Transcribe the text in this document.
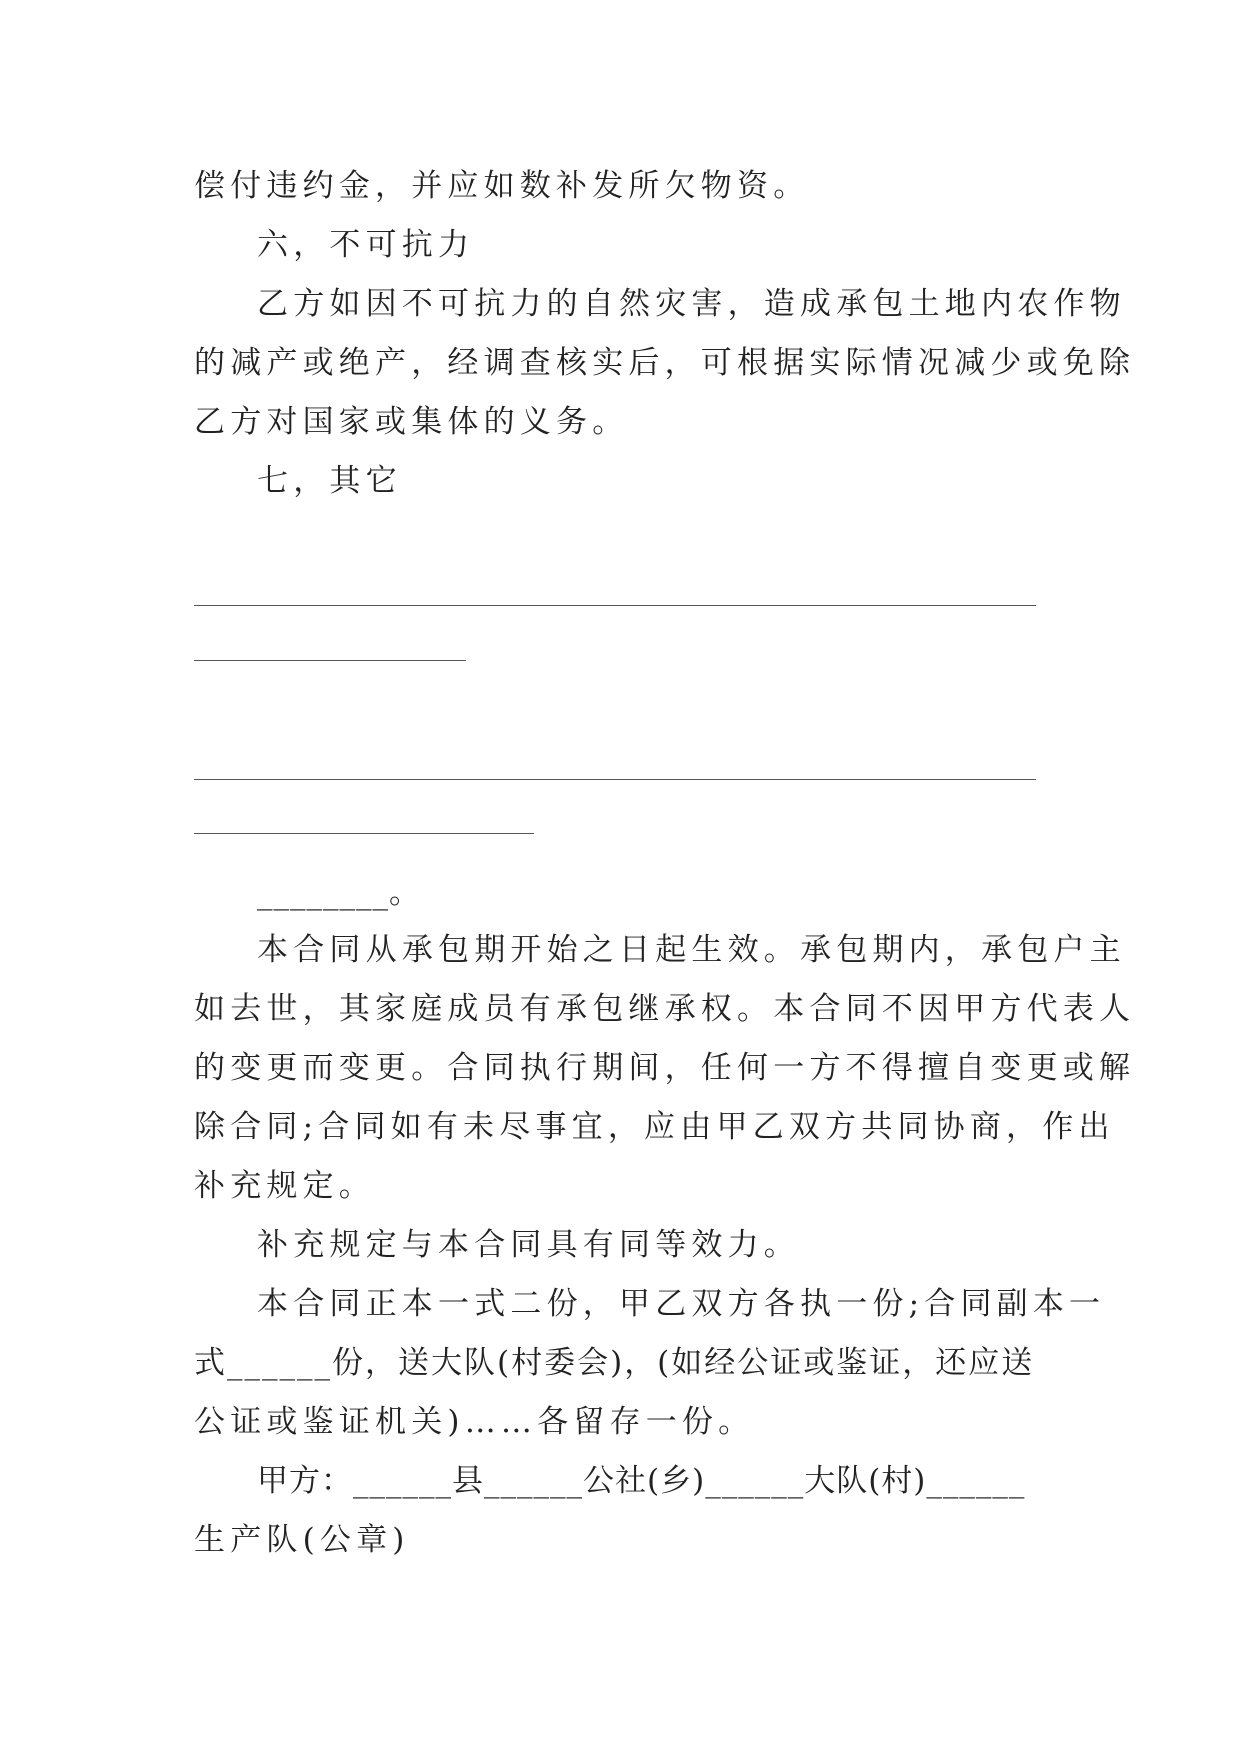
偿付违约金，并应如数补发所欠物资。
六，不可抗力
乙方如因不可抗力的自然灾害，造成承包土地内农作物
的减产或绝产，经调查核实后，可根据实际情况减少或免除
乙方对国家或集体的义务。
七，其它
________。
本合同从承包期开始之日起生效。承包期内，承包户主
如去世，其家庭成员有承包继承权。本合同不因甲方代表人
的变更而变更。合同执行期间，任何一方不得擅自变更或解
除合同;合同如有未尽事宜，应由甲乙双方共同协商，作出
补充规定。
补充规定与本合同具有同等效力。
本合同正本一式二份，甲乙双方各执一份;合同副本一
式______份，送大队(村委会)，(如经公证或鉴证，还应送
公证或鉴证机关)……各留存一份。
甲方：______县______公社(乡)______大队(村)______
生产队(公章)
